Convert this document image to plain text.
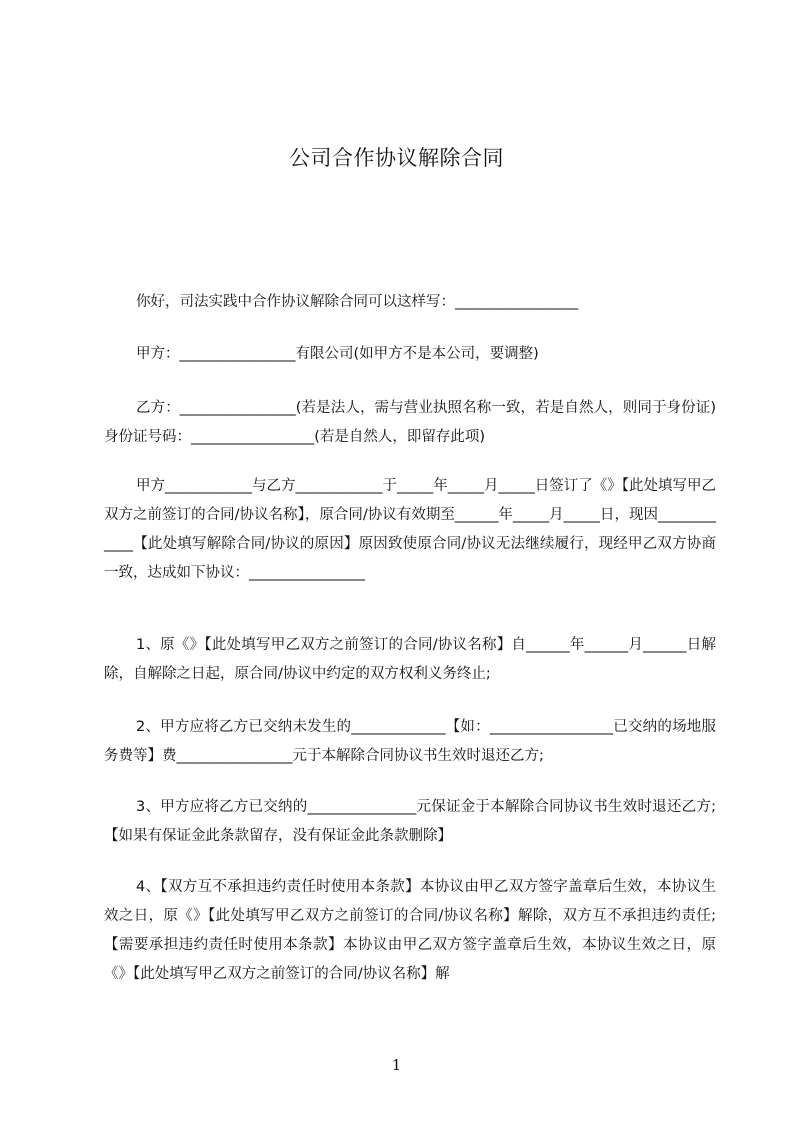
公司合作协议解除合同

你好，司法实践中合作协议解除合同可以这样写：_________________

甲方：________________有限公司(如甲方不是本公司，要调整)

乙方：________________(若是法人，需与营业执照名称一致，若是自然人，则同于身份证)身份证号码：_________________(若是自然人，即留存此项)

甲方____________与乙方____________于_____年_____月_____日签订了《》【此处填写甲乙双方之前签订的合同/协议名称】，原合同/协议有效期至______年_____月_____日，现因____________【此处填写解除合同/协议的原因】原因致使原合同/协议无法继续履行，现经甲乙双方协商一致，达成如下协议：________________

1、原《》【此处填写甲乙双方之前签订的合同/协议名称】自______年______月______日解除，自解除之日起，原合同/协议中约定的双方权利义务终止;

2、甲方应将乙方已交纳未发生的_____________【如：_________________已交纳的场地服务费等】费________________元于本解除合同协议书生效时退还乙方;

3、甲方应将乙方已交纳的_______________元保证金于本解除合同协议书生效时退还乙方;【如果有保证金此条款留存，没有保证金此条款删除】

4、【双方互不承担违约责任时使用本条款】本协议由甲乙双方签字盖章后生效，本协议生效之日，原《》【此处填写甲乙双方之前签订的合同/协议名称】解除，双方互不承担违约责任;【需要承担违约责任时使用本条款】本协议由甲乙双方签字盖章后生效，本协议生效之日，原《》【此处填写甲乙双方之前签订的合同/协议名称】解

1
